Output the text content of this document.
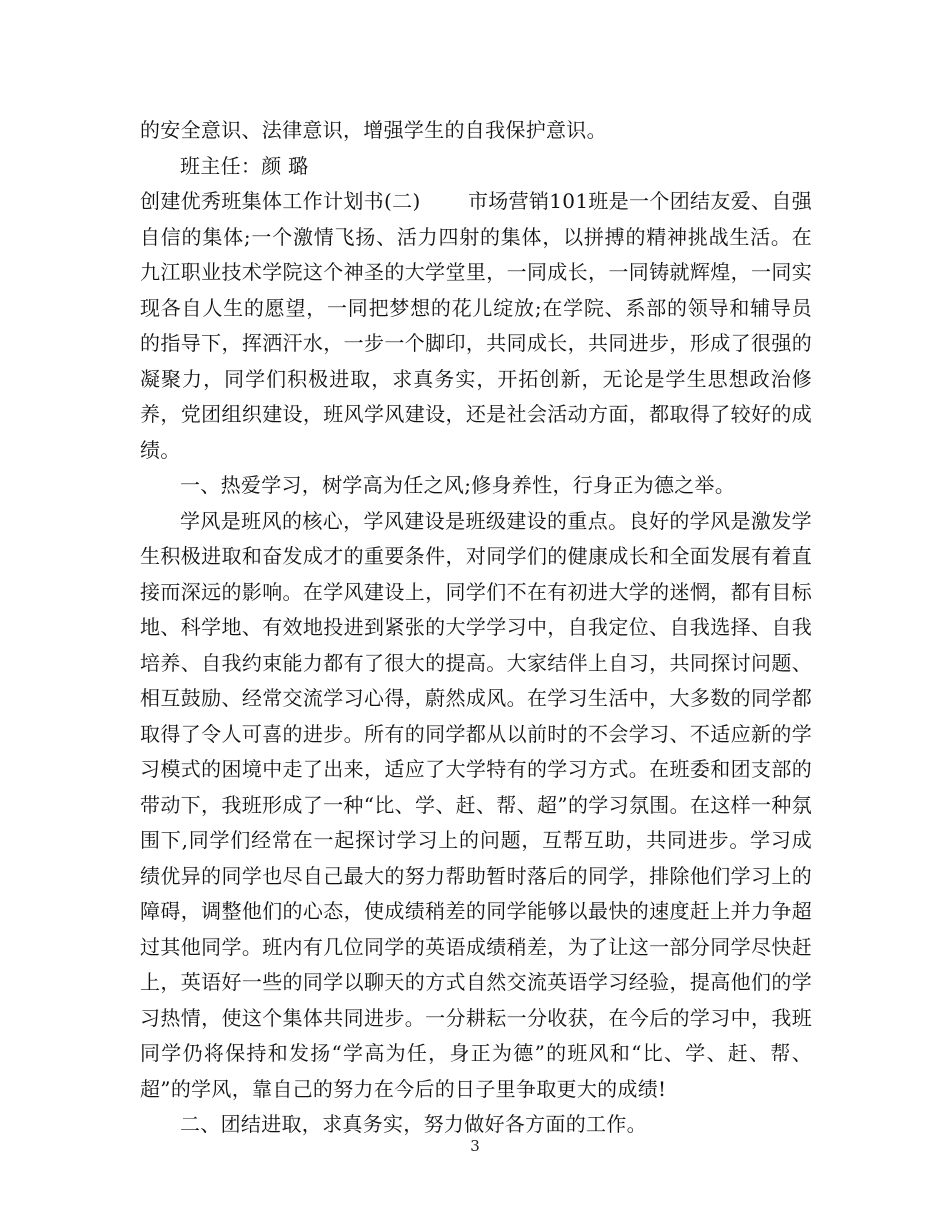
的安全意识、法律意识，增强学生的自我保护意识。

班主任：颜 璐

创建优秀班集体工作计划书(二)　　 市场营销101班是一个团结友爱、自强自信的集体;一个激情飞扬、活力四射的集体，以拼搏的精神挑战生活。在九江职业技术学院这个神圣的大学堂里，一同成长，一同铸就辉煌，一同实现各自人生的愿望，一同把梦想的花儿绽放;在学院、系部的领导和辅导员的指导下，挥洒汗水，一步一个脚印，共同成长，共同进步，形成了很强的凝聚力，同学们积极进取，求真务实，开拓创新，无论是学生思想政治修养，党团组织建设，班风学风建设，还是社会活动方面，都取得了较好的成绩。

一、热爱学习，树学高为任之风;修身养性，行身正为德之举。

学风是班风的核心，学风建设是班级建设的重点。良好的学风是激发学生积极进取和奋发成才的重要条件，对同学们的健康成长和全面发展有着直接而深远的影响。在学风建设上，同学们不在有初进大学的迷惘，都有目标地、科学地、有效地投进到紧张的大学学习中，自我定位、自我选择、自我培养、自我约束能力都有了很大的提高。大家结伴上自习，共同探讨问题、相互鼓励、经常交流学习心得，蔚然成风。在学习生活中，大多数的同学都取得了令人可喜的进步。所有的同学都从以前时的不会学习、不适应新的学习模式的困境中走了出来，适应了大学特有的学习方式。在班委和团支部的带动下，我班形成了一种“比、学、赶、帮、超”的学习氛围。在这样一种氛围下,同学们经常在一起探讨学习上的问题，互帮互助，共同进步。学习成绩优异的同学也尽自己最大的努力帮助暂时落后的同学，排除他们学习上的障碍，调整他们的心态，使成绩稍差的同学能够以最快的速度赶上并力争超过其他同学。班内有几位同学的英语成绩稍差，为了让这一部分同学尽快赶上，英语好一些的同学以聊天的方式自然交流英语学习经验，提高他们的学习热情，使这个集体共同进步。一分耕耘一分收获，在今后的学习中，我班同学仍将保持和发扬“学高为任，身正为德”的班风和“比、学、赶、帮、超”的学风，靠自己的努力在今后的日子里争取更大的成绩!

二、团结进取，求真务实，努力做好各方面的工作。

3
